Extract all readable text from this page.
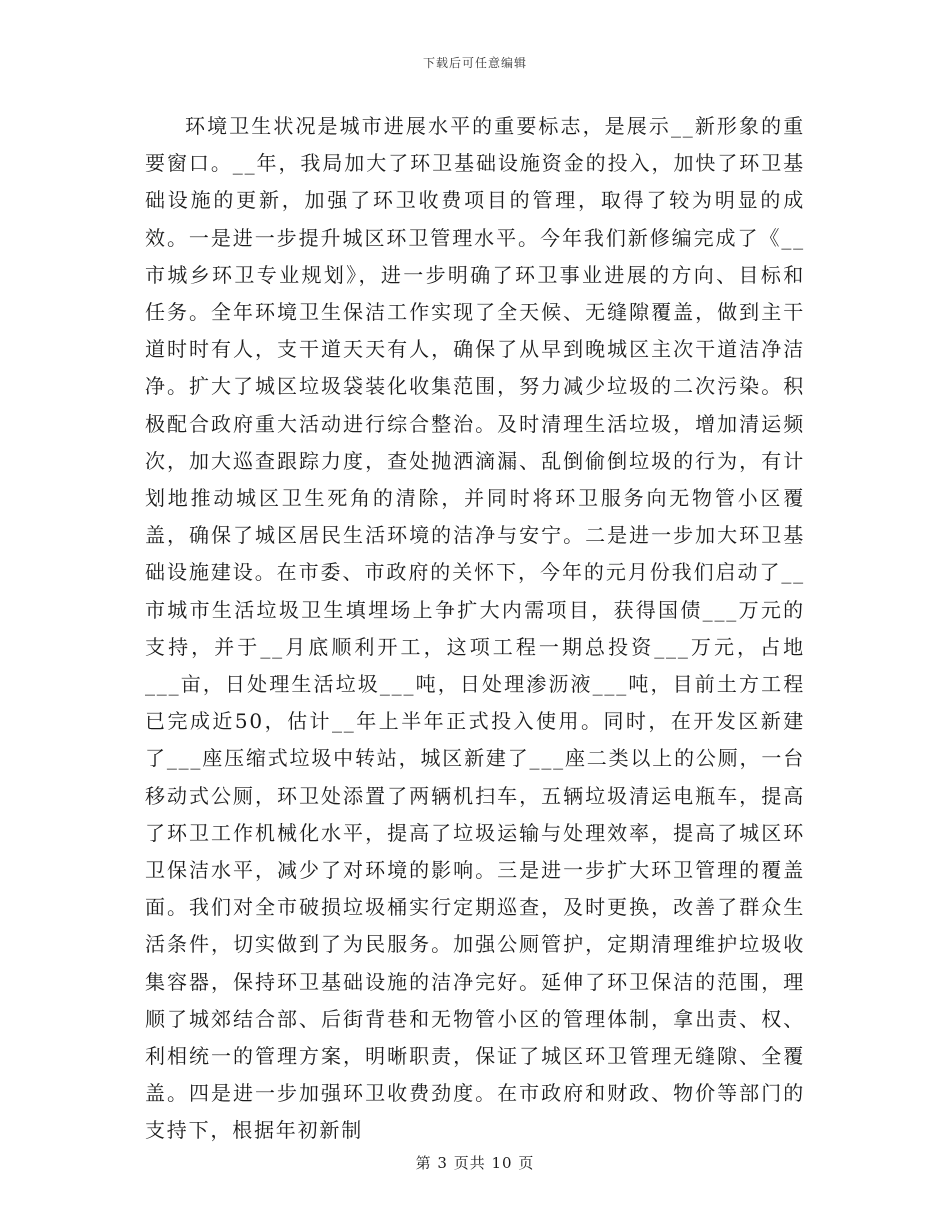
下载后可任意编辑

环境卫生状况是城市进展水平的重要标志，是展示__新形象的重要窗口。__年，我局加大了环卫基础设施资金的投入，加快了环卫基础设施的更新，加强了环卫收费项目的管理，取得了较为明显的成效。一是进一步提升城区环卫管理水平。今年我们新修编完成了《__市城乡环卫专业规划》，进一步明确了环卫事业进展的方向、目标和任务。全年环境卫生保洁工作实现了全天候、无缝隙覆盖，做到主干道时时有人，支干道天天有人，确保了从早到晚城区主次干道洁净洁净。扩大了城区垃圾袋装化收集范围，努力减少垃圾的二次污染。积极配合政府重大活动进行综合整治。及时清理生活垃圾，增加清运频次，加大巡查跟踪力度，查处抛洒滴漏、乱倒偷倒垃圾的行为，有计划地推动城区卫生死角的清除，并同时将环卫服务向无物管小区覆盖，确保了城区居民生活环境的洁净与安宁。二是进一步加大环卫基础设施建设。在市委、市政府的关怀下，今年的元月份我们启动了__市城市生活垃圾卫生填埋场上争扩大内需项目，获得国债___万元的支持，并于__月底顺利开工，这项工程一期总投资___万元，占地___亩，日处理生活垃圾___吨，日处理渗沥液___吨，目前土方工程已完成近50，估计__年上半年正式投入使用。同时，在开发区新建了___座压缩式垃圾中转站，城区新建了___座二类以上的公厕，一台移动式公厕，环卫处添置了两辆机扫车，五辆垃圾清运电瓶车，提高了环卫工作机械化水平，提高了垃圾运输与处理效率，提高了城区环卫保洁水平，减少了对环境的影响。三是进一步扩大环卫管理的覆盖面。我们对全市破损垃圾桶实行定期巡查，及时更换，改善了群众生活条件，切实做到了为民服务。加强公厕管护，定期清理维护垃圾收集容器，保持环卫基础设施的洁净完好。延伸了环卫保洁的范围，理顺了城郊结合部、后街背巷和无物管小区的管理体制，拿出责、权、利相统一的管理方案，明晰职责，保证了城区环卫管理无缝隙、全覆盖。四是进一步加强环卫收费劲度。在市政府和财政、物价等部门的支持下，根据年初新制

第 3 页共 10 页
